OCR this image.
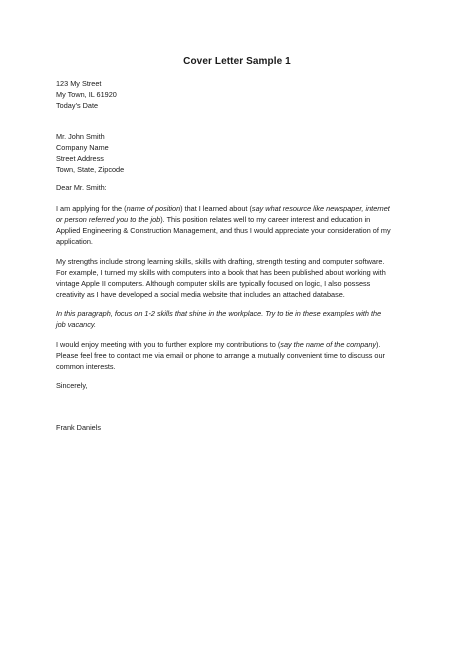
Cover Letter Sample 1
123 My Street
My Town, IL 61920
Today’s Date
Mr. John Smith
Company Name
Street Address
Town, State, Zipcode
Dear Mr. Smith:
I am applying for the (name of position) that I learned about (say what resource like newspaper, internet
or person referred you to the job). This position relates well to my career interest and education in
Applied Engineering & Construction Management, and thus I would appreciate your consideration of my
application.
My strengths include strong learning skills, skills with drafting, strength testing and computer software.
For example, I turned my skills with computers into a book that has been published about working with
vintage Apple II computers. Although computer skills are typically focused on logic, I also possess
creativity as I have developed a social media website that includes an attached database.
In this paragraph, focus on 1-2 skills that shine in the workplace. Try to tie in these examples with the
job vacancy.
I would enjoy meeting with you to further explore my contributions to (say the name of the company).
Please feel free to contact me via email or phone to arrange a mutually convenient time to discuss our
common interests.
Sincerely,
Frank Daniels
